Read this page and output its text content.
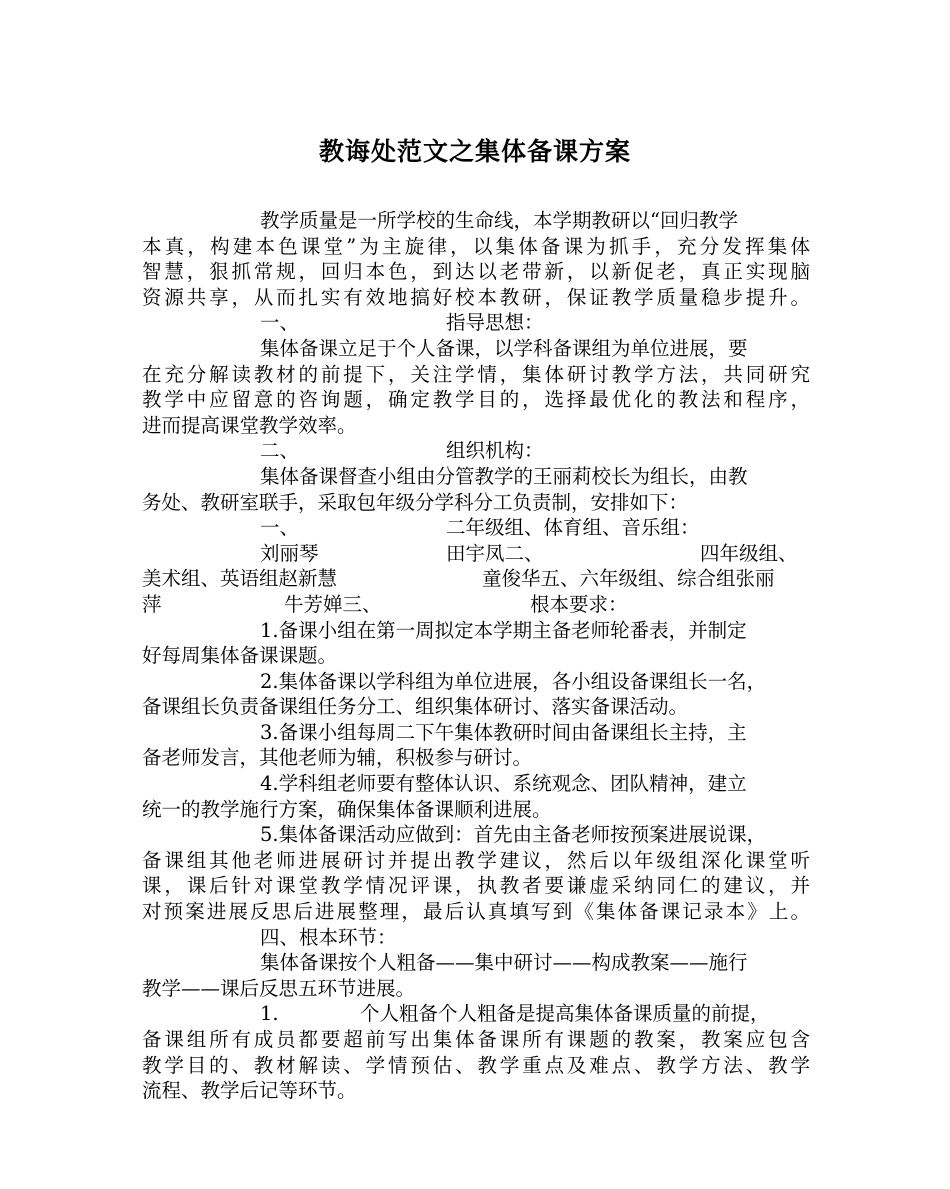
教诲处范文之集体备课方案
教学质量是一所学校的生命线，本学期教研以“回归教学
本真，构建本色课堂”为主旋律，以集体备课为抓手，充分发挥集体
智慧，狠抓常规，回归本色，到达以老带新，以新促老，真正实现脑
资源共享，从而扎实有效地搞好校本教研，保证教学质量稳步提升。
一、	指导思想：
集体备课立足于个人备课，以学科备课组为单位进展，要
在充分解读教材的前提下，关注学情，集体研讨教学方法，共同研究
教学中应留意的咨询题，确定教学目的，选择最优化的教法和程序，
进而提高课堂教学效率。
二、	组织机构：
集体备课督查小组由分管教学的王丽莉校长为组长，由教
务处、教研室联手，采取包年级分学科分工负责制，安排如下：
一、	二年级组、体育组、音乐组：
刘丽琴	田宇凤二、	四年级组、
美术组、英语组赵新慧	童俊华五、六年级组、综合组张丽
萍	牛芳婵三、	根本要求：
1.备课小组在第一周拟定本学期主备老师轮番表，并制定
好每周集体备课课题。
2.集体备课以学科组为单位进展，各小组设备课组长一名，
备课组长负责备课组任务分工、组织集体研讨、落实备课活动。
3.备课小组每周二下午集体教研时间由备课组长主持，主
备老师发言，其他老师为辅，积极参与研讨。
4.学科组老师要有整体认识、系统观念、团队精神，建立
统一的教学施行方案，确保集体备课顺利进展。
5.集体备课活动应做到：首先由主备老师按预案进展说课，
备课组其他老师进展研讨并提出教学建议，然后以年级组深化课堂听
课，课后针对课堂教学情况评课，执教者要谦虚采纳同仁的建议，并
对预案进展反思后进展整理，最后认真填写到《集体备课记录本》上。
四、根本环节：
集体备课按个人粗备——集中研讨——构成教案——施行
教学——课后反思五环节进展。
1.	个人粗备个人粗备是提高集体备课质量的前提，
备课组所有成员都要超前写出集体备课所有课题的教案，教案应包含
教学目的、教材解读、学情预估、教学重点及难点、教学方法、教学
流程、教学后记等环节。
